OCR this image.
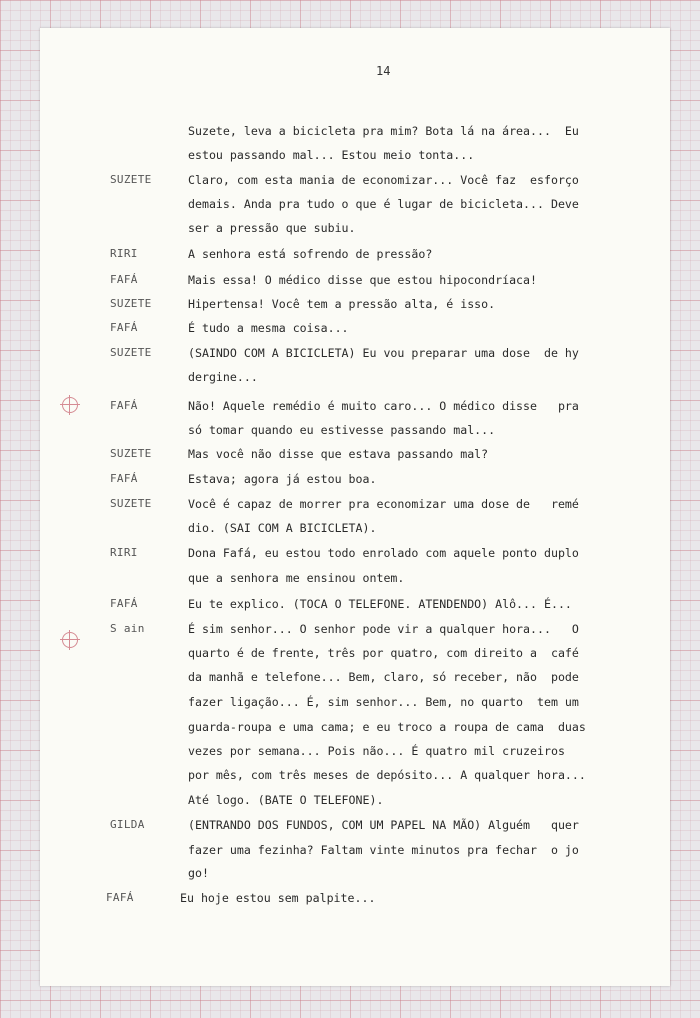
14
Suzete, leva a bicicleta pra mim? Bota lá na área...  Eu
estou passando mal... Estou meio tonta...
SUZETE	Claro, com esta mania de economizar... Você faz  esforço
demais. Anda pra tudo o que é lugar de bicicleta... Deve
ser a pressão que subiu.
RIRI	A senhora está sofrendo de pressão?
FAFÁ	Mais essa! O médico disse que estou hipocondríaca!
SUZETE	Hipertensa! Você tem a pressão alta, é isso.
FAFÁ	É tudo a mesma coisa...
SUZETE	(SAINDO COM A BICICLETA) Eu vou preparar uma dose  de hy
dergine...
FAFÁ	Não! Aquele remédio é muito caro... O médico disse   pra
só tomar quando eu estivesse passando mal...
SUZETE	Mas você não disse que estava passando mal?
FAFÁ	Estava; agora já estou boa.
SUZETE	Você é capaz de morrer pra economizar uma dose de   remé
dio. (SAI COM A BICICLETA).
RIRI	Dona Fafá, eu estou todo enrolado com aquele ponto duplo
que a senhora me ensinou ontem.
FAFÁ	Eu te explico. (TOCA O TELEFONE. ATENDENDO) Alô... É...
S ain	É sim senhor... O senhor pode vir a qualquer hora...   O
quarto é de frente, três por quatro, com direito a  café
da manhã e telefone... Bem, claro, só receber, não  pode
fazer ligação... É, sim senhor... Bem, no quarto  tem um
guarda-roupa e uma cama; e eu troco a roupa de cama  duas
vezes por semana... Pois não... É quatro mil cruzeiros
por mês, com três meses de depósito... A qualquer hora...
Até logo. (BATE O TELEFONE).
GILDA	(ENTRANDO DOS FUNDOS, COM UM PAPEL NA MÃO) Alguém   quer
fazer uma fezinha? Faltam vinte minutos pra fechar  o jo
go!
FAFÁ	Eu hoje estou sem palpite...
